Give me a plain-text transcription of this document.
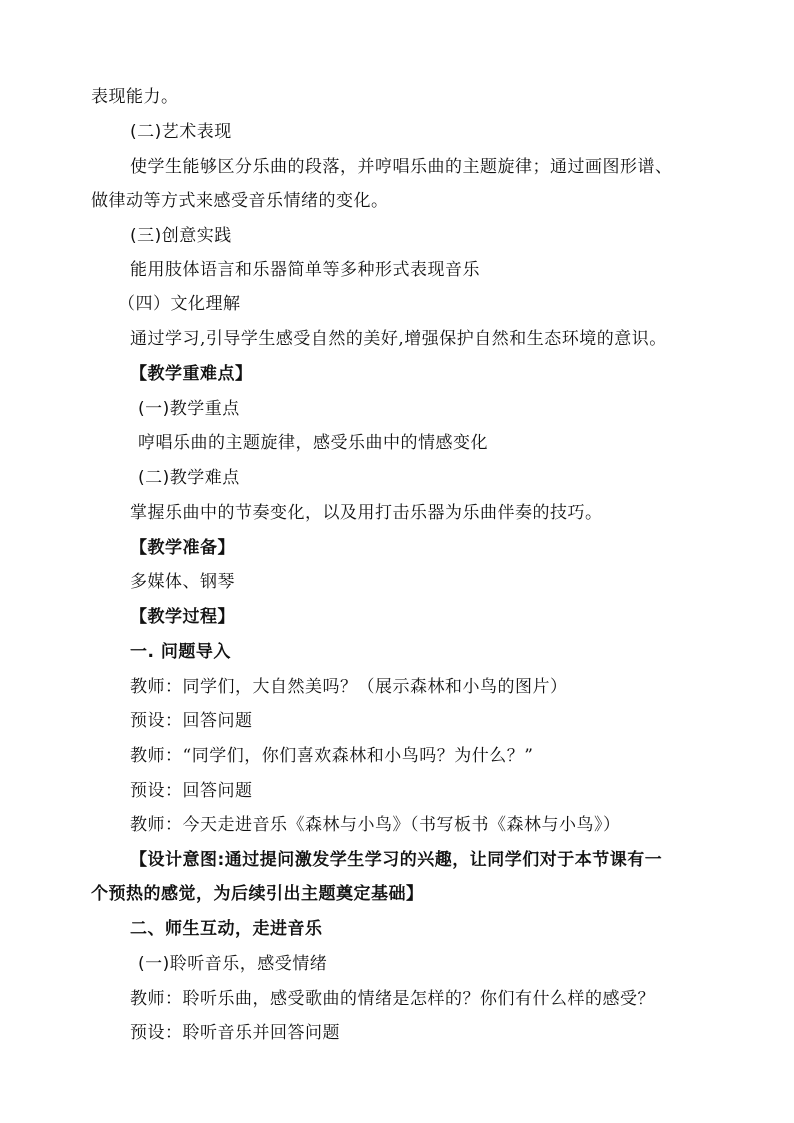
表现能力。
(二)艺术表现
使学生能够区分乐曲的段落，并哼唱乐曲的主题旋律；通过画图形谱、
做律动等方式来感受音乐情绪的变化。
(三)创意实践
能用肢体语言和乐器简单等多种形式表现音乐
（四）文化理解
通过学习,引导学生感受自然的美好,增强保护自然和生态环境的意识。
【教学重难点】
(一)教学重点
哼唱乐曲的主题旋律，感受乐曲中的情感变化
(二)教学难点
掌握乐曲中的节奏变化，以及用打击乐器为乐曲伴奏的技巧。
【教学准备】
多媒体、钢琴
【教学过程】
一. 问题导入
教师：同学们，大自然美吗？（展示森林和小鸟的图片）
预设：回答问题
教师：“同学们，你们喜欢森林和小鸟吗？为什么？”
预设：回答问题
教师：今天走进音乐《森林与小鸟》（书写板书《森林与小鸟》）
【设计意图:通过提问激发学生学习的兴趣，让同学们对于本节课有一
个预热的感觉，为后续引出主题奠定基础】
二、师生互动，走进音乐
(一)聆听音乐，感受情绪
教师：聆听乐曲，感受歌曲的情绪是怎样的？你们有什么样的感受？
预设：聆听音乐并回答问题
